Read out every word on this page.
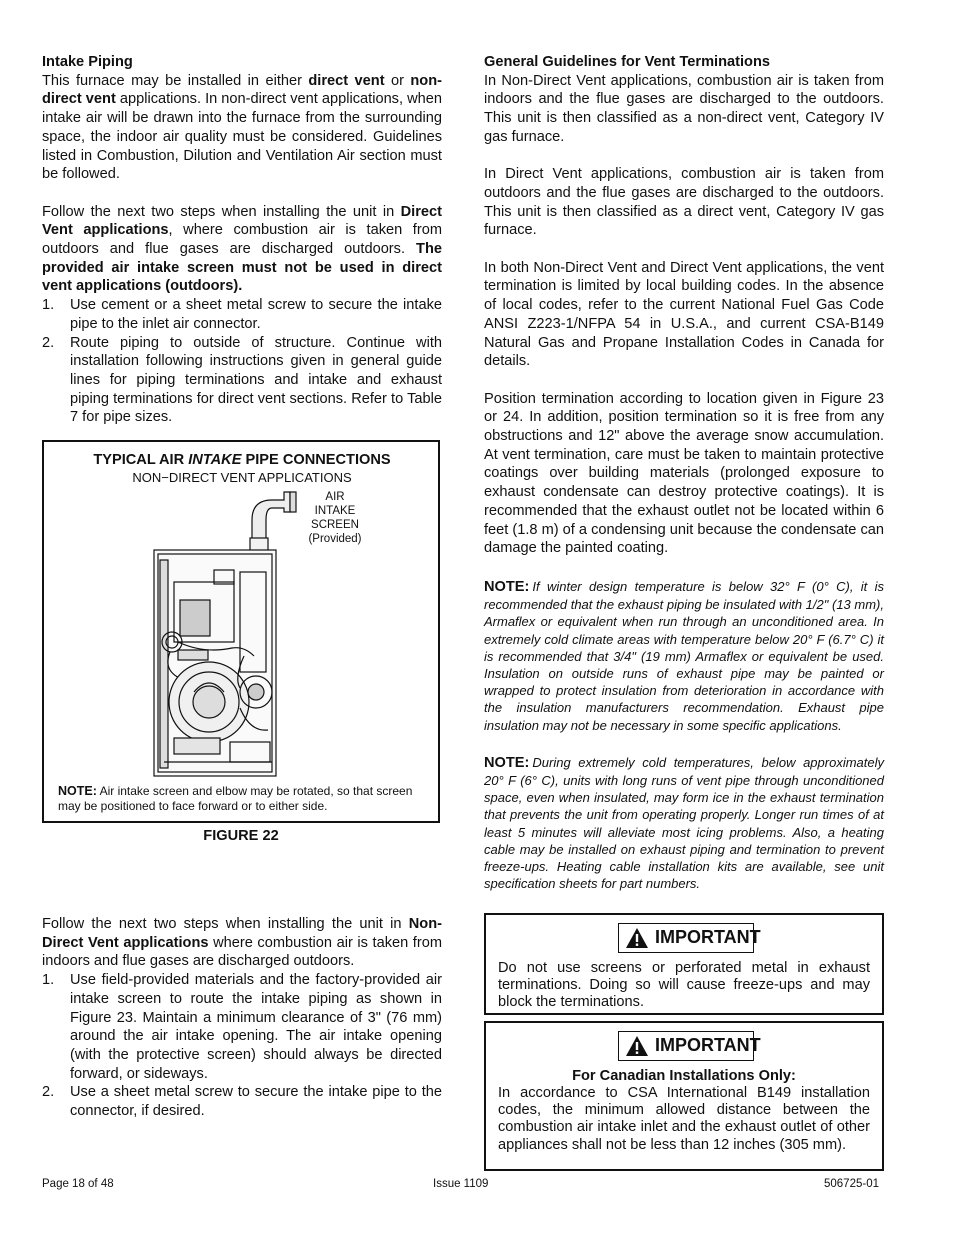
Intake Piping

This furnace may be installed in either direct vent or non-direct vent applications. In non-direct vent applications, when intake air will be drawn into the furnace from the surrounding space, the indoor air quality must be considered. Guidelines listed in Combustion, Dilution and Ventilation Air section must be followed.

Follow the next two steps when installing the unit in Direct Vent applications, where combustion air is taken from outdoors and flue gases are discharged outdoors. The provided air intake screen must not be used in direct vent applications (outdoors).

1. Use cement or a sheet metal screw to secure the intake pipe to the inlet air connector.
2. Route piping to outside of structure. Continue with installation following instructions given in general guide lines for piping terminations and intake and exhaust piping terminations for direct vent sections. Refer to Table 7 for pipe sizes.
TYPICAL AIR INTAKE PIPE CONNECTIONS
NON−DIRECT VENT APPLICATIONS
AIR
INTAKE
SCREEN
(Provided)
NOTE: Air intake screen and elbow may be rotated, so that screen may be positioned to face forward or to either side.
FIGURE 22

Follow the next two steps when installing the unit in Non-Direct Vent applications where combustion air is taken from indoors and flue gases are discharged outdoors.

1. Use field-provided materials and the factory-provided air intake screen to route the intake piping as shown in Figure 23. Maintain a minimum clearance of 3" (76 mm) around the air intake opening. The air intake opening (with the protective screen) should always be directed forward, or sideways.
2. Use a sheet metal screw to secure the intake pipe to the connector, if desired.

General Guidelines for Vent Terminations

In Non-Direct Vent applications, combustion air is taken from indoors and the flue gases are discharged to the outdoors. This unit is then classified as a non-direct vent, Category IV gas furnace.

In Direct Vent applications, combustion air is taken from outdoors and the flue gases are discharged to the outdoors. This unit is then classified as a direct vent, Category IV gas furnace.

In both Non-Direct Vent and Direct Vent applications, the vent termination is limited by local building codes. In the absence of local codes, refer to the current National Fuel Gas Code ANSI Z223-1/NFPA 54 in U.S.A., and current CSA-B149 Natural Gas and Propane Installation Codes in Canada for details.

Position termination according to location given in Figure 23 or 24. In addition, position termination so it is free from any obstructions and 12" above the average snow accumulation. At vent termination, care must be taken to maintain protective coatings over building materials (prolonged exposure to exhaust condensate can destroy protective coatings). It is recommended that the exhaust outlet not be located within 6 feet (1.8 m) of a condensing unit because the condensate can damage the painted coating.

NOTE: If winter design temperature is below 32° F (0° C), it is recommended that the exhaust piping be insulated with 1/2" (13 mm), Armaflex or equivalent when run through an unconditioned area. In extremely cold climate areas with temperature below 20° F (6.7° C) it is recommended that 3/4" (19 mm) Armaflex or equivalent be used. Insulation on outside runs of exhaust pipe may be painted or wrapped to protect insulation from deterioration in accordance with the insulation manufacturers recommendation. Exhaust pipe insulation may not be necessary in some specific applications.

NOTE: During extremely cold temperatures, below approximately 20° F (6° C), units with long runs of vent pipe through unconditioned space, even when insulated, may form ice in the exhaust termination that prevents the unit from operating properly. Longer run times of at least 5 minutes will alleviate most icing problems. Also, a heating cable may be installed on exhaust piping and termination to prevent freeze-ups. Heating cable installation kits are available, see unit specification sheets for part numbers.

IMPORTANT
Do not use screens or perforated metal in exhaust terminations. Doing so will cause freeze-ups and may block the terminations.
IMPORTANT
For Canadian Installations Only:
In accordance to CSA International B149 installation codes, the minimum allowed distance between the combustion air intake inlet and the exhaust outlet of other appliances shall not be less than 12 inches (305 mm).
Page 18 of 48	Issue 1109	506725-01
